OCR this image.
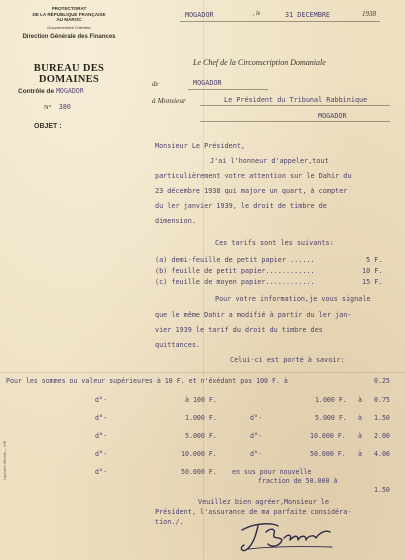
PROTECTORAT
DE LA RÉPUBLIQUE FRANÇAISE
AU MAROC
Gouvernement Chérifien
Direction Générale des Finances
BUREAU DES DOMAINES
Contrôle de MOGADOR
N° 380
OBJET :
MOGADOR	, le	31 DECEMBRE	1938
Le Chef de la Circonscription Domaniale
de	MOGADOR
à Monsieur	Le Président du Tribunal Rabbinique
MOGADOR
Monsieur Le Président,
J'ai l'honneur d'appeler,tout
particulièrement votre attention sur le Dahir du
23 décembre 1938 qui majore un quart, à compter
du ler janvier 1939, le droit de timbre de
dimension.
Ces tarifs sont les suivants:
(a) demi-feuille de petit papier ......	5 F.
(b) feuille de petit papier............	10 F.
(c) feuille de moyen papier............	15 F.
Pour votre information,je vous signale
que le même Dahir a modifié à partir du ler jan-
vier 1939 le tarif du droit du timbre des
quittances.
Celui-ci est porté à savoir:
Pour les sommes ou valeur supérieures à 10 F. et n'éxédant pas 100 F. à	0.25
d°-	à 100 F.	1.000 F. à 0.75
d°-	1.000 F.	d°-	5.000 F. à 1.50
d°-	5.000 F.	d°-	10.000 F. à 2.00
d°-	10.000 F.	d°-	50.000 F. à 4.00
d°-	50.000 F. en sus pour nouvelle
fraction de 50.000 à
1.50
Veuillez bien agréer,Monsieur le
Président, l'assurance de ma parfaite considéra-
tion./.
Imprimerie Officielle — 2/38
